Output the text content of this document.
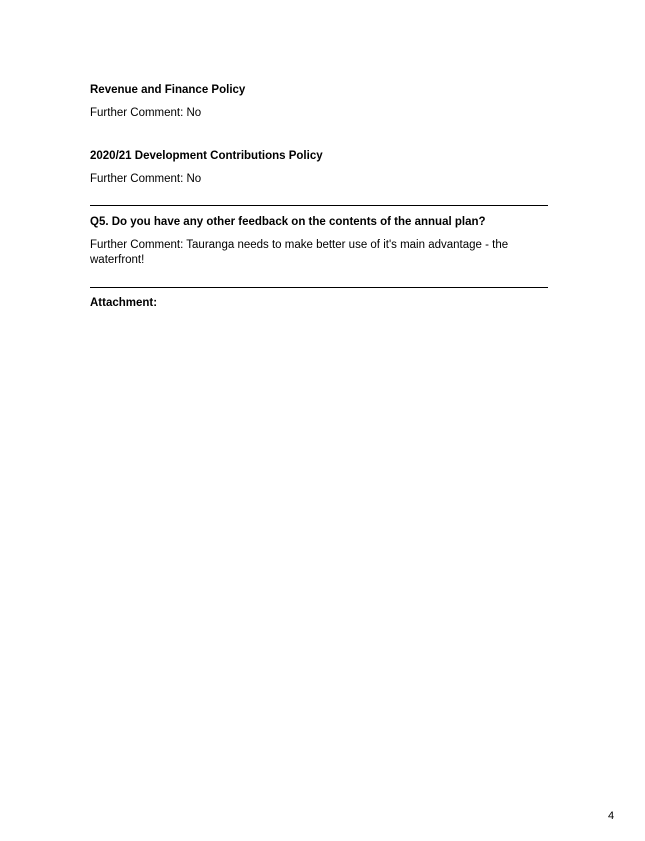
Revenue and Finance Policy
Further Comment: No
2020/21 Development Contributions Policy
Further Comment: No
Q5. Do you have any other feedback on the contents of the annual plan?
Further Comment: Tauranga needs to make better use of it's main advantage - the waterfront!
Attachment:
4
